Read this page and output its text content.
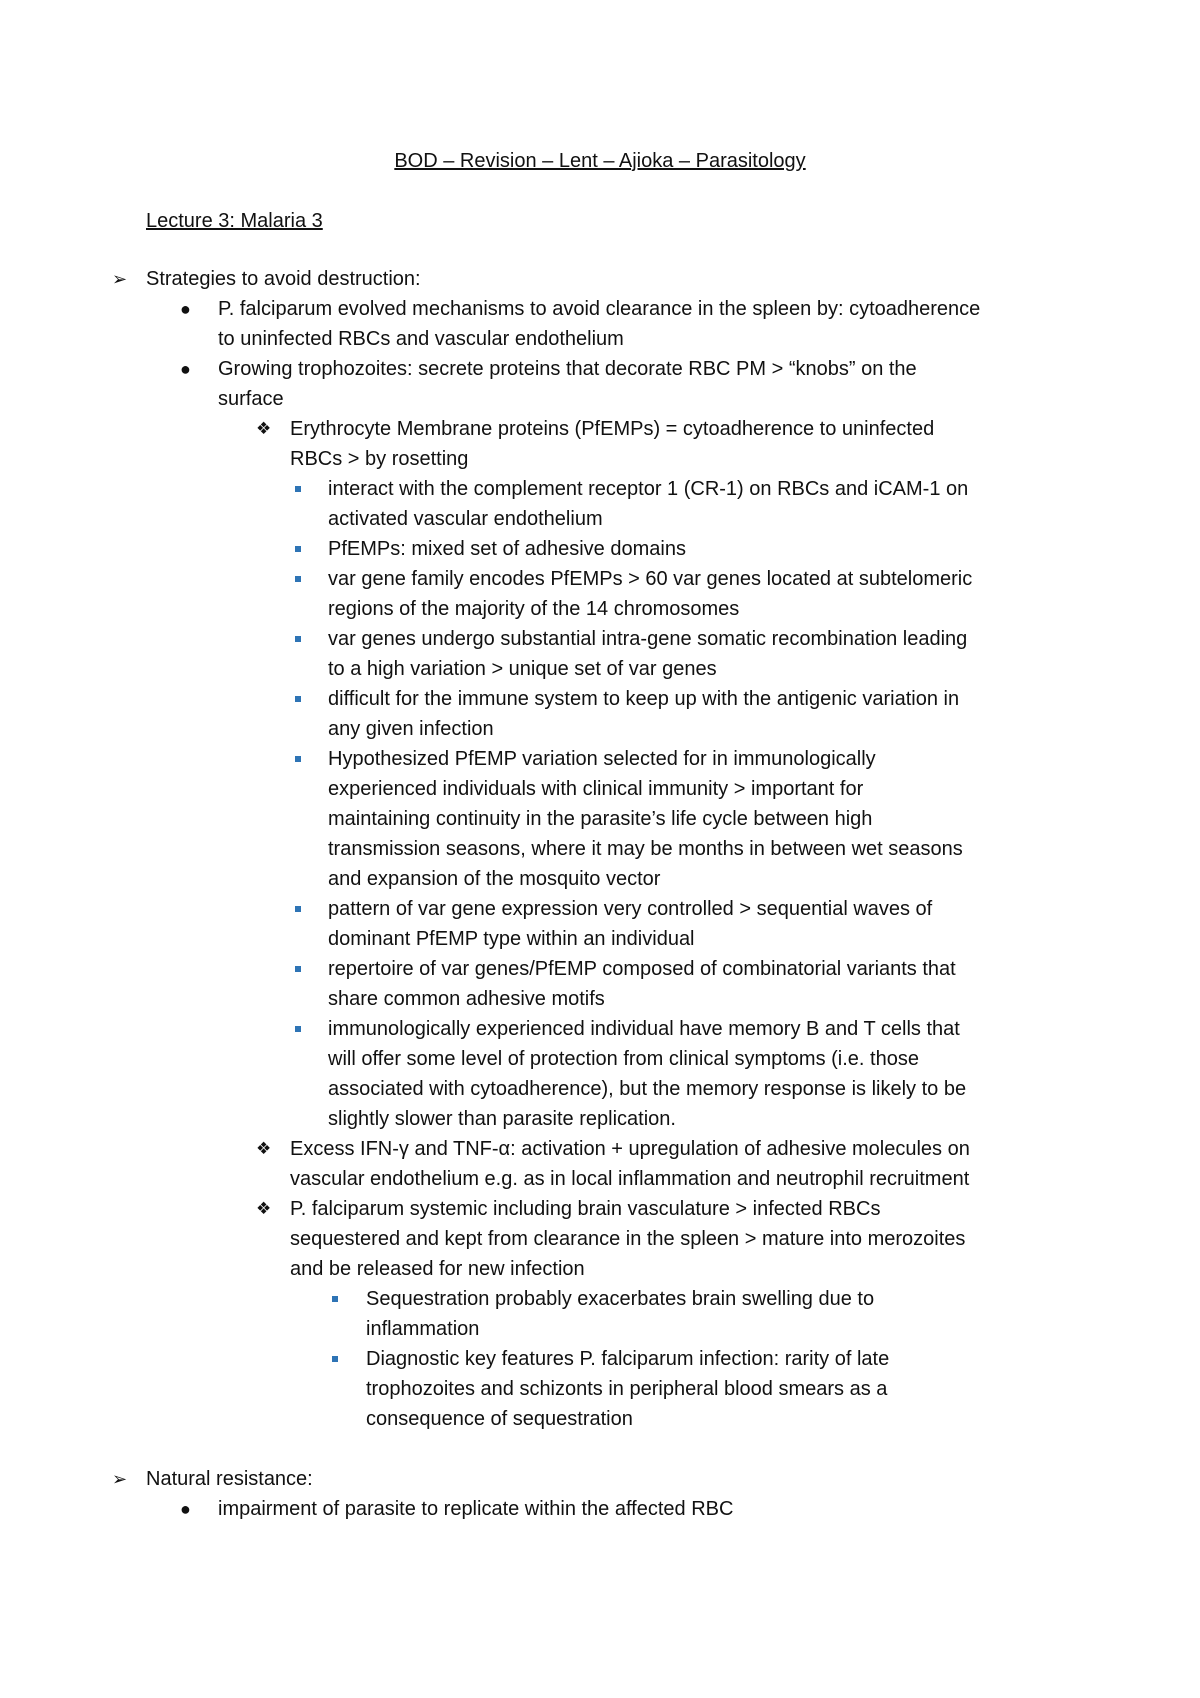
BOD – Revision – Lent – Ajioka – Parasitology
Lecture 3: Malaria 3
➢ Strategies to avoid destruction:
● P. falciparum evolved mechanisms to avoid clearance in the spleen by: cytoadherence
to uninfected RBCs and vascular endothelium
● Growing trophozoites: secrete proteins that decorate RBC PM > “knobs” on the
surface
❖ Erythrocyte Membrane proteins (PfEMPs) = cytoadherence to uninfected
RBCs > by rosetting
interact with the complement receptor 1 (CR-1) on RBCs and iCAM-1 on
activated vascular endothelium
PfEMPs: mixed set of adhesive domains
var gene family encodes PfEMPs > 60 var genes located at subtelomeric
regions of the majority of the 14 chromosomes
var genes undergo substantial intra-gene somatic recombination leading
to a high variation > unique set of var genes
difficult for the immune system to keep up with the antigenic variation in
any given infection
Hypothesized PfEMP variation selected for in immunologically
experienced individuals with clinical immunity > important for
maintaining continuity in the parasite’s life cycle between high
transmission seasons, where it may be months in between wet seasons
and expansion of the mosquito vector
pattern of var gene expression very controlled > sequential waves of
dominant PfEMP type within an individual
repertoire of var genes/PfEMP composed of combinatorial variants that
share common adhesive motifs
immunologically experienced individual have memory B and T cells that
will offer some level of protection from clinical symptoms (i.e. those
associated with cytoadherence), but the memory response is likely to be
slightly slower than parasite replication.
❖ Excess IFN-γ and TNF-α: activation + upregulation of adhesive molecules on
vascular endothelium e.g. as in local inflammation and neutrophil recruitment
❖ P. falciparum systemic including brain vasculature > infected RBCs
sequestered and kept from clearance in the spleen > mature into merozoites
and be released for new infection
Sequestration probably exacerbates brain swelling due to
inflammation
Diagnostic key features P. falciparum infection: rarity of late
trophozoites and schizonts in peripheral blood smears as a
consequence of sequestration
➢ Natural resistance:
● impairment of parasite to replicate within the affected RBC
